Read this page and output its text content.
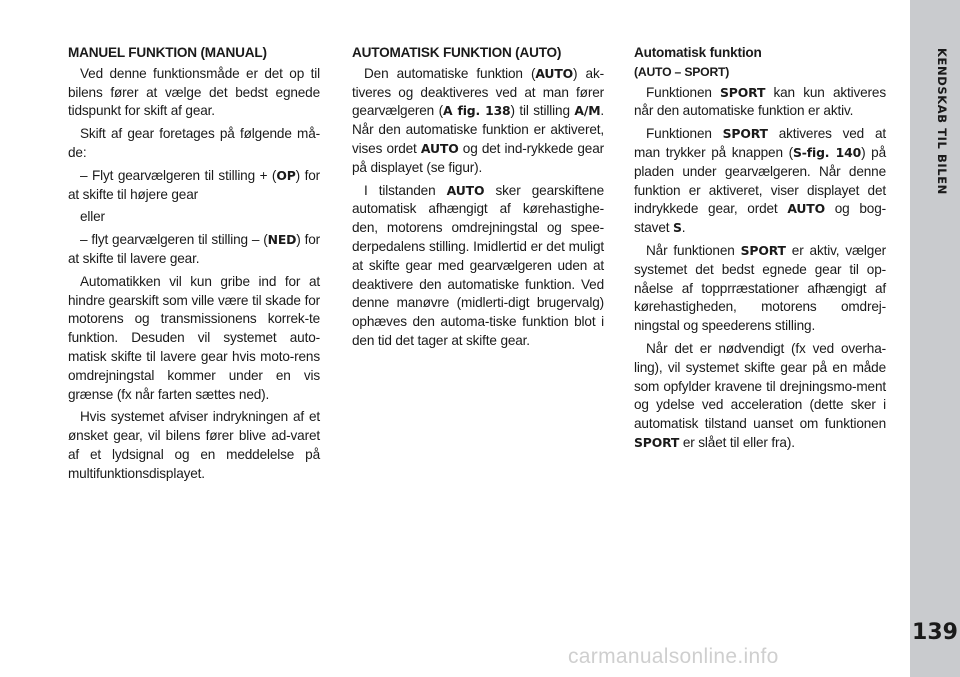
KENDSKAB TIL BILEN
139
MANUEL FUNKTION (MANUAL)

Ved denne funktionsmåde er det op til bilens fører at vælge det bedst egnede tidspunkt for skift af gear.

Skift af gear foretages på følgende må-de:

– Flyt gearvælgeren til stilling + (OP) for at skifte til højere gear

eller

– flyt gearvælgeren til stilling – (NED) for at skifte til lavere gear.

Automatikken vil kun gribe ind for at hindre gearskift som ville være til skade for motorens og transmissionens korrek-te funktion. Desuden vil systemet auto-matisk skifte til lavere gear hvis moto-rens omdrejningstal kommer under en vis grænse (fx når farten sættes ned).

Hvis systemet afviser indrykningen af et ønsket gear, vil bilens fører blive ad-varet af et lydsignal og en meddelelse på multifunktionsdisplayet.

AUTOMATISK FUNKTION (AUTO)

Den automatiske funktion (AUTO) ak-tiveres og deaktiveres ved at man fører gearvælgeren (A fig. 138) til stilling A/M. Når den automatiske funktion er aktiveret, vises ordet AUTO og det ind-rykkede gear på displayet (se figur).

I tilstanden AUTO sker gearskiftene automatisk afhængigt af kørehastighe-den, motorens omdrejningstal og spee-derpedalens stilling. Imidlertid er det muligt at skifte gear med gearvælgeren uden at deaktivere den automatiske funktion. Ved denne manøvre (midlerti-digt brugervalg) ophæves den automa-tiske funktion blot i den tid det tager at skifte gear.

Automatisk funktion
(AUTO – SPORT)

Funktionen SPORT kan kun aktiveres når den automatiske funktion er aktiv.

Funktionen SPORT aktiveres ved at man trykker på knappen (S-fig. 140) på pladen under gearvælgeren. Når denne funktion er aktiveret, viser displayet det indrykkede gear, ordet AUTO og bog-stavet S.

Når funktionen SPORT er aktiv, vælger systemet det bedst egnede gear til op-nåelse af topprræstationer afhængigt af kørehastigheden, motorens omdrej-ningstal og speederens stilling.

Når det er nødvendigt (fx ved overha-ling), vil systemet skifte gear på en måde som opfylder kravene til drejningsmo-ment og ydelse ved acceleration (dette sker i automatisk tilstand uanset om funktionen SPORT er slået til eller fra).

carmanualsonline.info
